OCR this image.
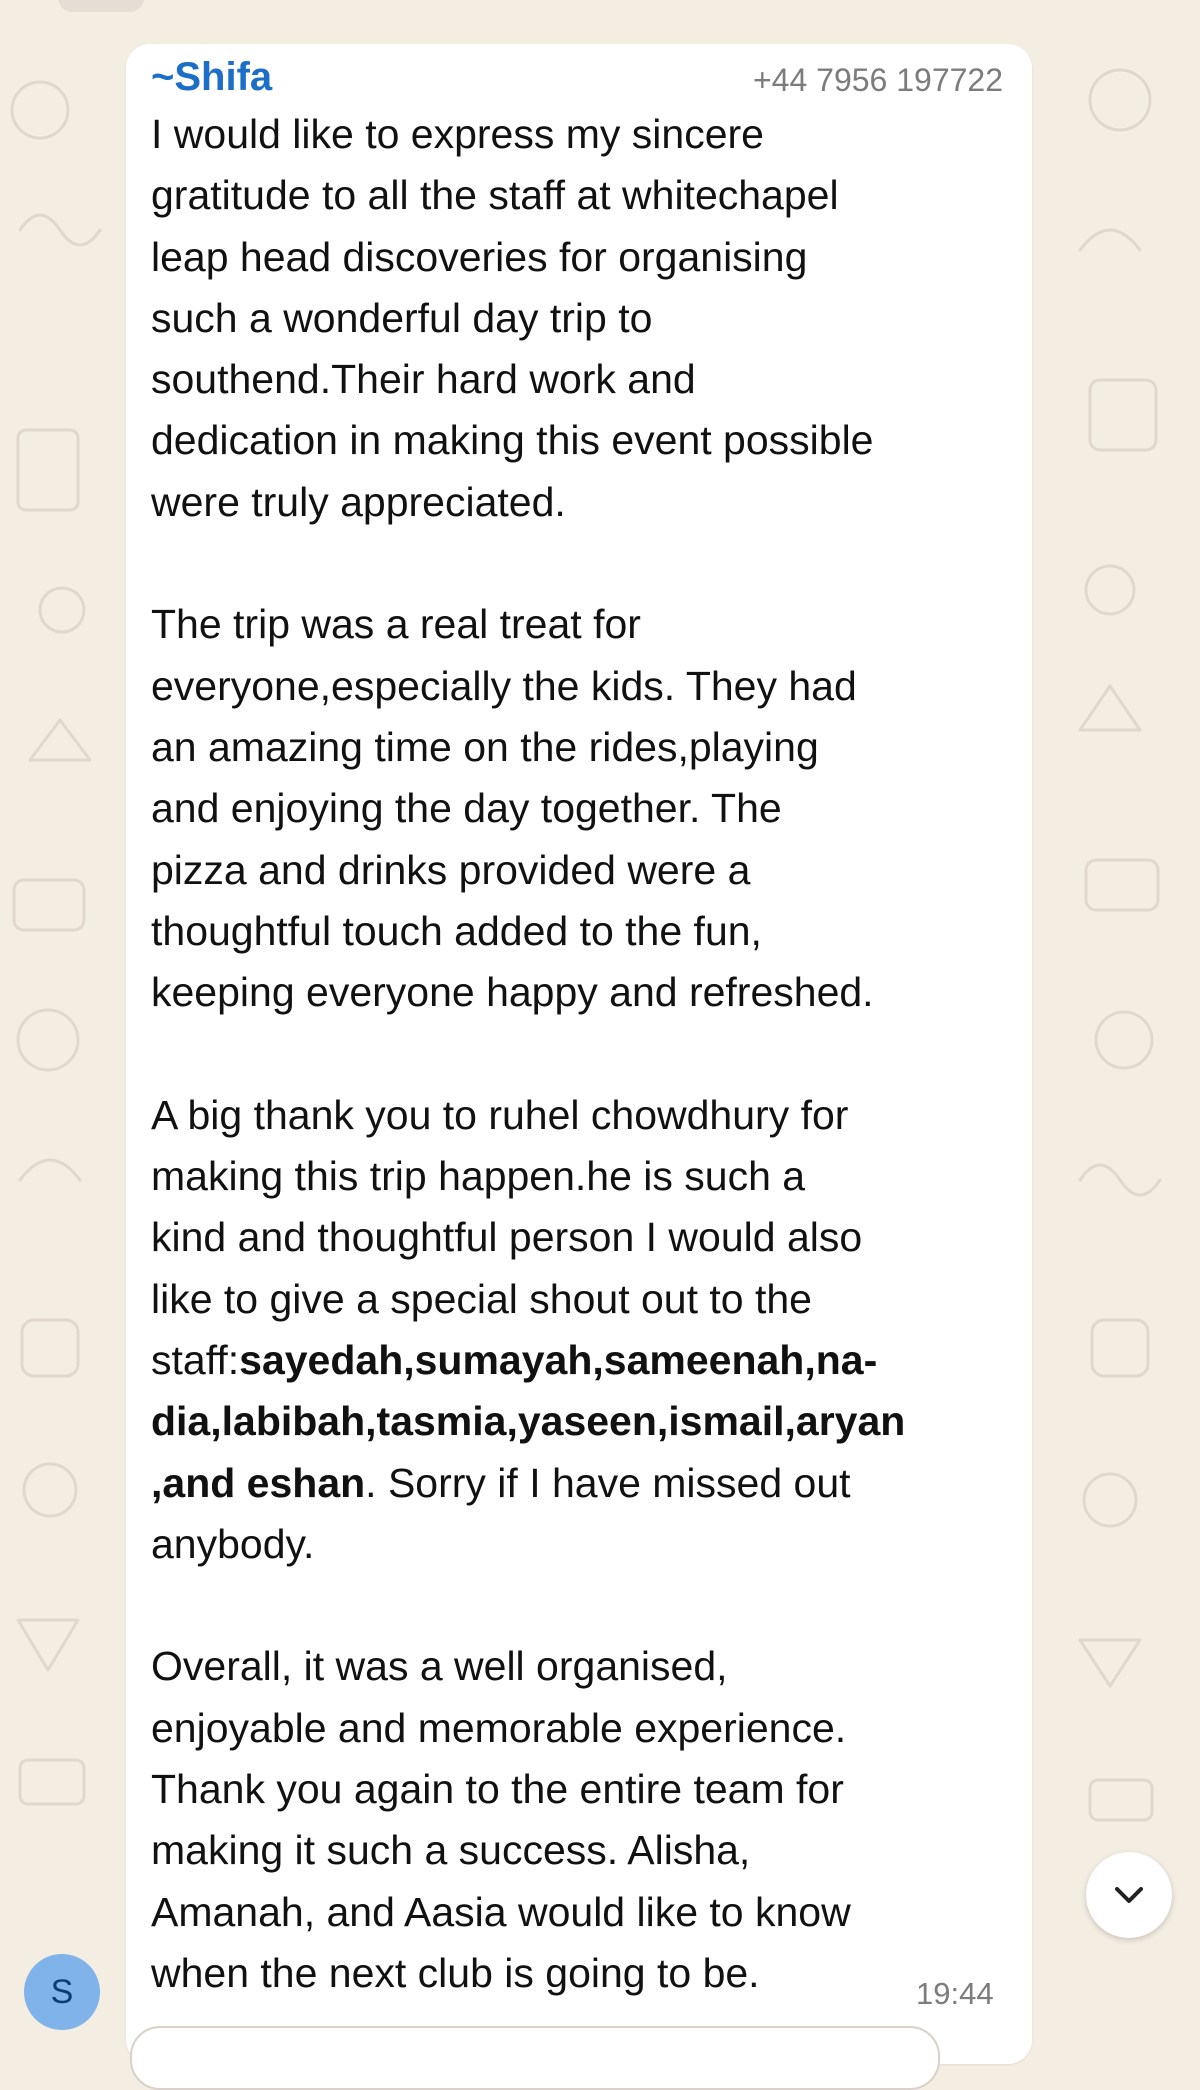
~Shifa	+44 7956 197722

I would like to express my sincere
gratitude to all the staff at whitechapel
leap head discoveries for organising
such a wonderful day trip to
southend.Their hard work and
dedication in making this event possible
were truly appreciated.

The trip was a real treat for
everyone,especially the kids. They had
an amazing time on the rides,playing
and enjoying the day together. The
pizza and drinks provided were a
thoughtful touch added to the fun,
keeping everyone happy and refreshed.

A big thank you to ruhel chowdhury for
making this trip happen.he is such a
kind and thoughtful person I would also
like to give a special shout out to the
staff:sayedah,sumayah,sameenah,na-
dia,labibah,tasmia,yaseen,ismail,aryan
,and eshan. Sorry if I have missed out
anybody.

Overall, it was a well organised,
enjoyable and memorable experience.
Thank you again to the entire team for
making it such a success. Alisha,
Amanah, and Aasia would like to know
when the next club is going to be.	19:44
S
